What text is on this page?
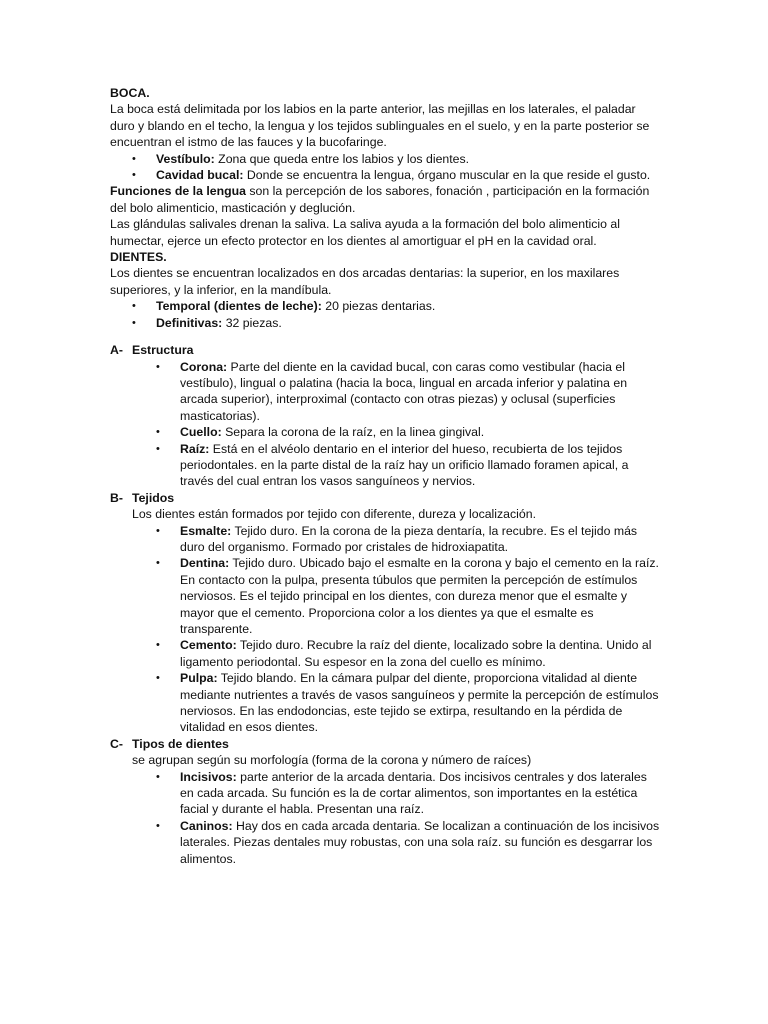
BOCA.

La boca está delimitada por los labios en la parte anterior, las mejillas en los laterales, el paladar duro y blando en el techo, la lengua y los tejidos sublinguales en el suelo, y en la parte posterior se encuentran el istmo de las fauces y la bucofaringe.

• Vestíbulo: Zona que queda entre los labios y los dientes.
• Cavidad bucal: Donde se encuentra la lengua, órgano muscular en la que reside el gusto.

Funciones de la lengua son la percepción de los sabores, fonación , participación en la formación del bolo alimenticio, masticación y deglución.

Las glándulas salivales drenan la saliva. La saliva ayuda a la formación del bolo alimenticio al humectar, ejerce un efecto protector en los dientes al amortiguar el pH en la cavidad oral.

DIENTES.

Los dientes se encuentran localizados en dos arcadas dentarias: la superior, en los maxilares superiores, y la inferior, en la mandíbula.

• Temporal (dientes de leche): 20 piezas dentarias.
• Definitivas: 32 piezas.

A- Estructura

• Corona: Parte del diente en la cavidad bucal, con caras como vestibular (hacia el vestíbulo), lingual o palatina (hacia la boca, lingual en arcada inferior y palatina en arcada superior), interproximal (contacto con otras piezas) y oclusal (superficies masticatorias).
• Cuello: Separa la corona de la raíz, en la linea gingival.
• Raíz: Está en el alvéolo dentario en el interior del hueso, recubierta de los tejidos periodontales. en la parte distal de la raíz hay un orificio llamado foramen apical, a través del cual entran los vasos sanguíneos y nervios.

B- Tejidos

Los dientes están formados por tejido con diferente, dureza y localización.

• Esmalte: Tejido duro. En la corona de la pieza dentaría, la recubre. Es el tejido más duro del organismo. Formado por cristales de hidroxiapatita.
• Dentina: Tejido duro. Ubicado bajo el esmalte en la corona y bajo el cemento en la raíz. En contacto con la pulpa, presenta túbulos que permiten la percepción de estímulos nerviosos. Es el tejido principal en los dientes, con dureza menor que el esmalte y mayor que el cemento. Proporciona color a los dientes ya que el esmalte es transparente.
• Cemento: Tejido duro. Recubre la raíz del diente, localizado sobre la dentina. Unido al ligamento periodontal. Su espesor en la zona del cuello es mínimo.
• Pulpa: Tejido blando. En la cámara pulpar del diente, proporciona vitalidad al diente mediante nutrientes a través de vasos sanguíneos y permite la percepción de estímulos nerviosos. En las endodoncias, este tejido se extirpa, resultando en la pérdida de vitalidad en esos dientes.

C- Tipos de dientes

se agrupan según su morfología (forma de la corona y número de raíces)

• Incisivos: parte anterior de la arcada dentaria. Dos incisivos centrales y dos laterales en cada arcada. Su función es la de cortar alimentos, son importantes en la estética facial y durante el habla. Presentan una raíz.
• Caninos: Hay dos en cada arcada dentaria. Se localizan a continuación de los incisivos laterales. Piezas dentales muy robustas, con una sola raíz. su función es desgarrar los alimentos.
